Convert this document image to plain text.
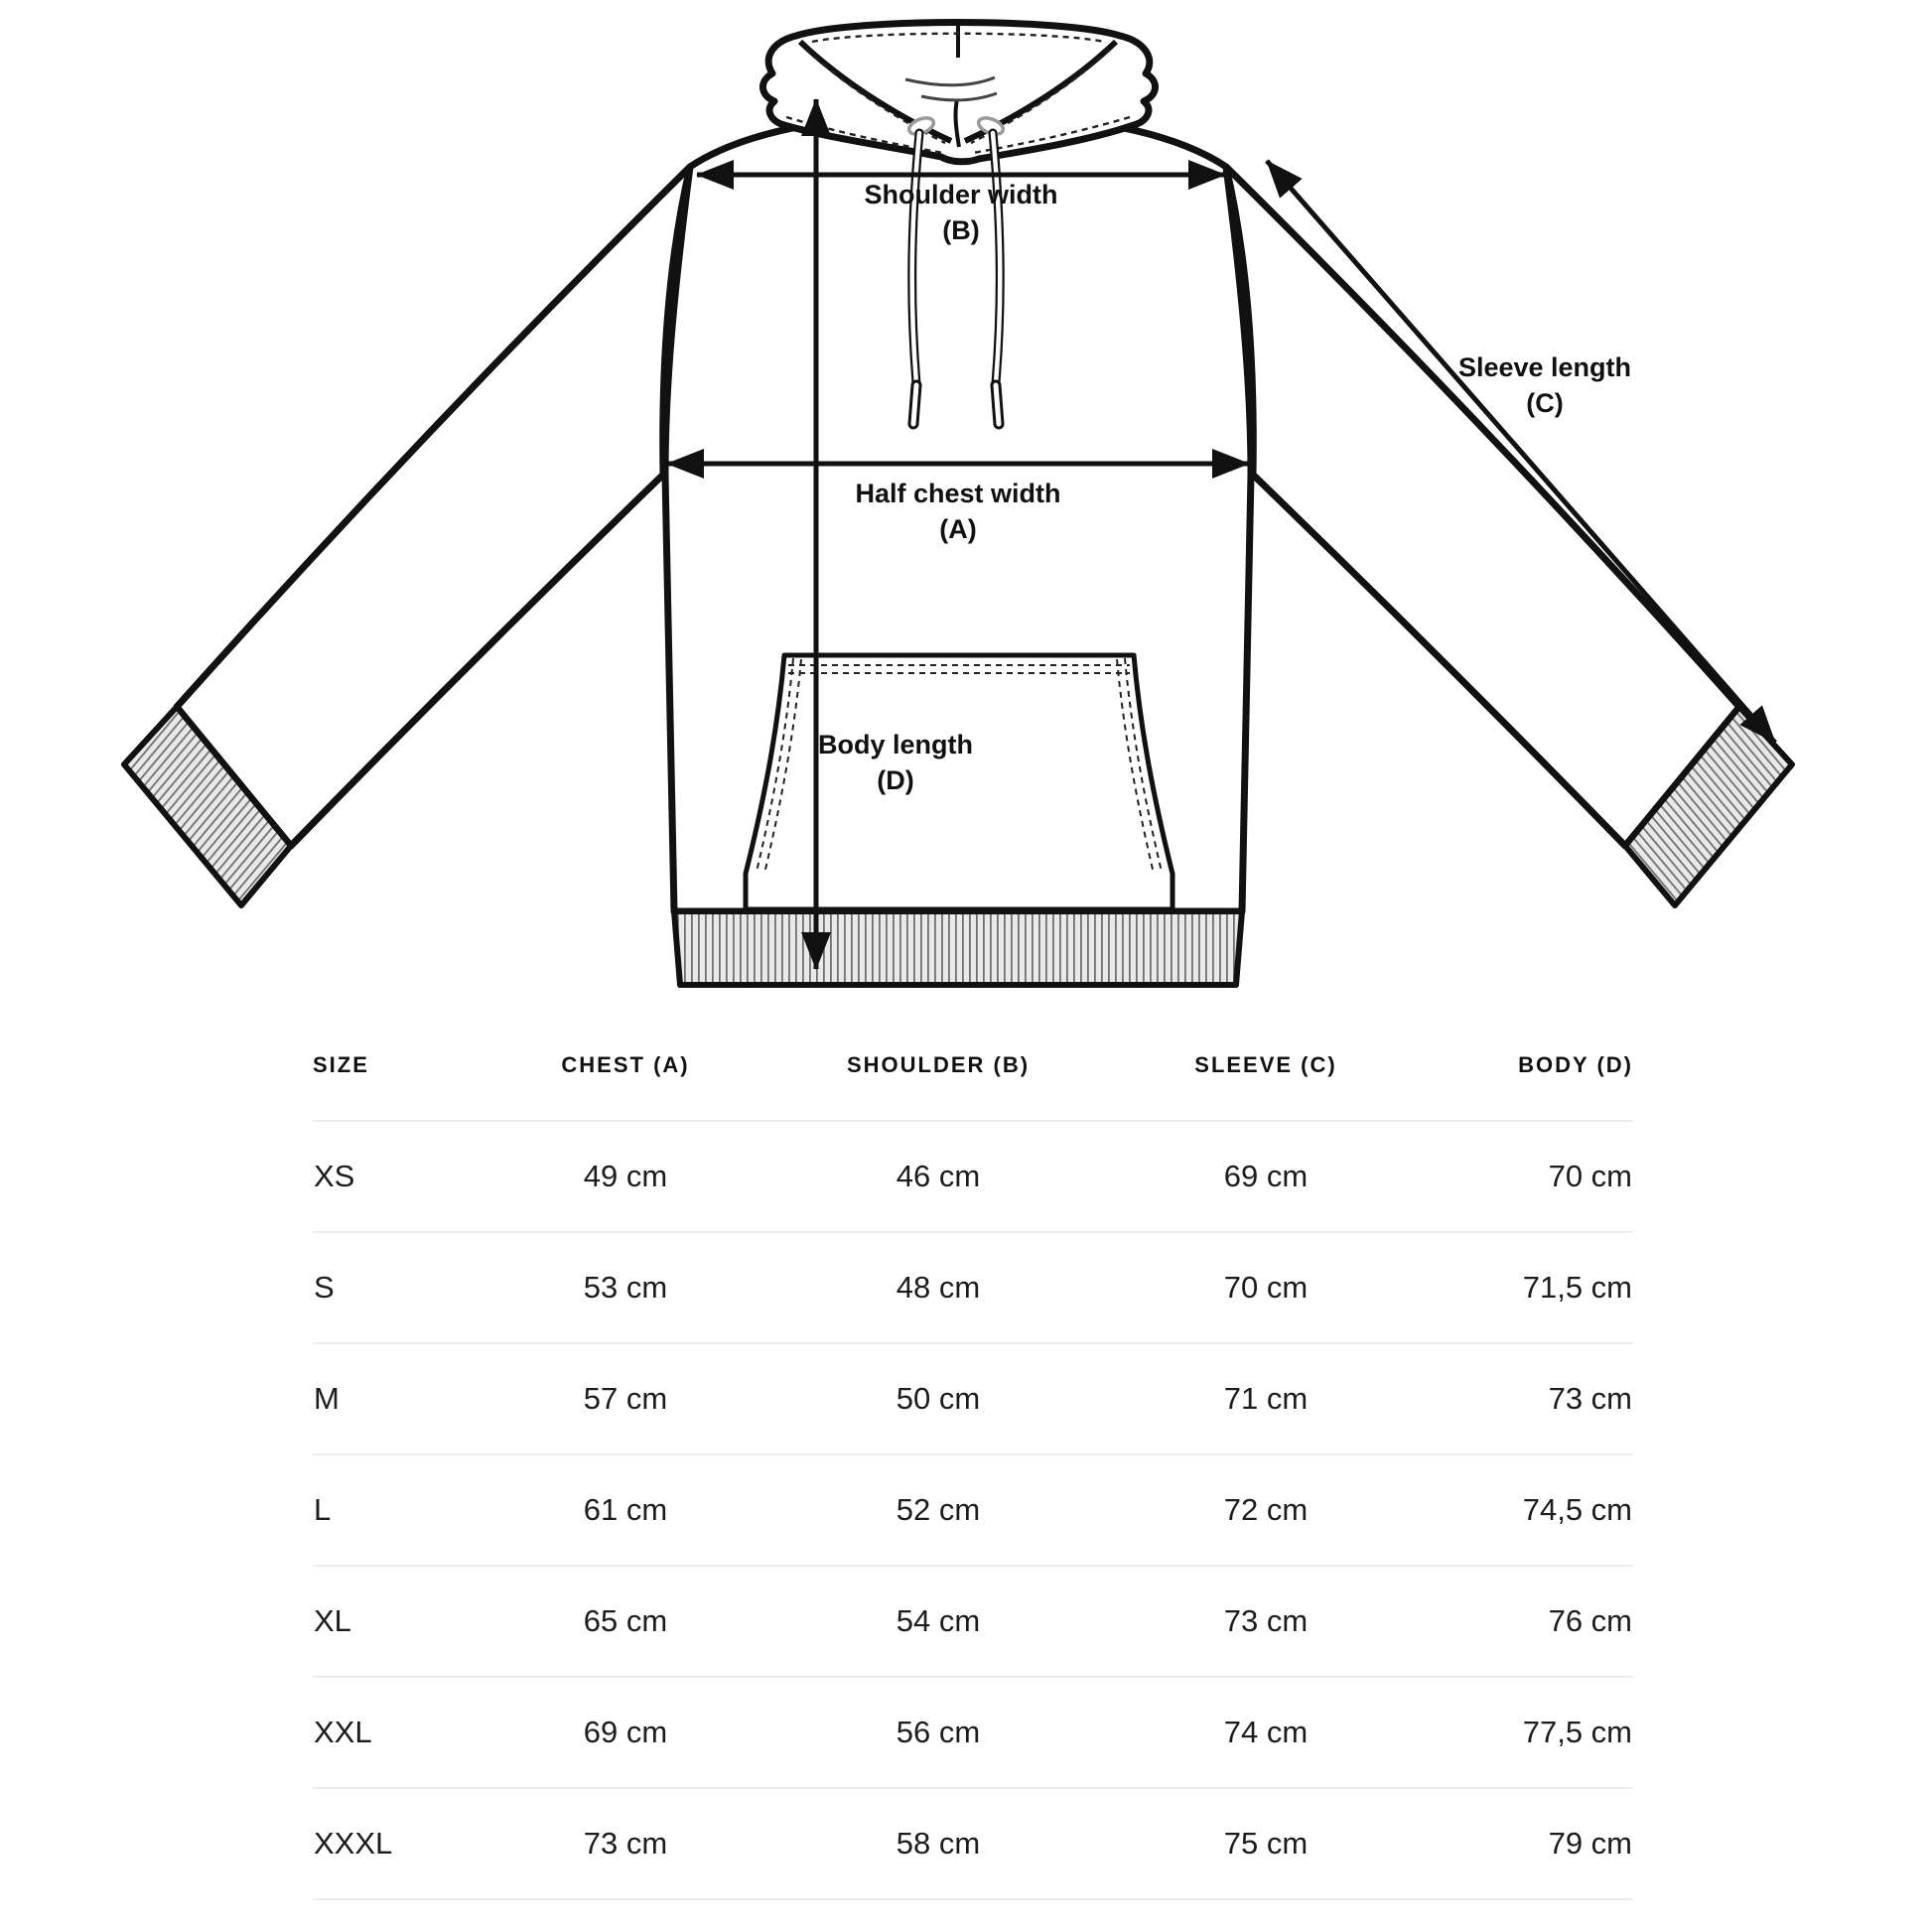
Shoulder width
(B)
Half chest width
(A)
Sleeve length
(C)
Body length
(D)
SIZE	CHEST (A)	SHOULDER (B)	SLEEVE (C)	BODY (D)
XS	49 cm	46 cm	69 cm	70 cm
S	53 cm	48 cm	70 cm	71,5 cm
M	57 cm	50 cm	71 cm	73 cm
L	61 cm	52 cm	72 cm	74,5 cm
XL	65 cm	54 cm	73 cm	76 cm
XXL	69 cm	56 cm	74 cm	77,5 cm
XXXL	73 cm	58 cm	75 cm	79 cm
